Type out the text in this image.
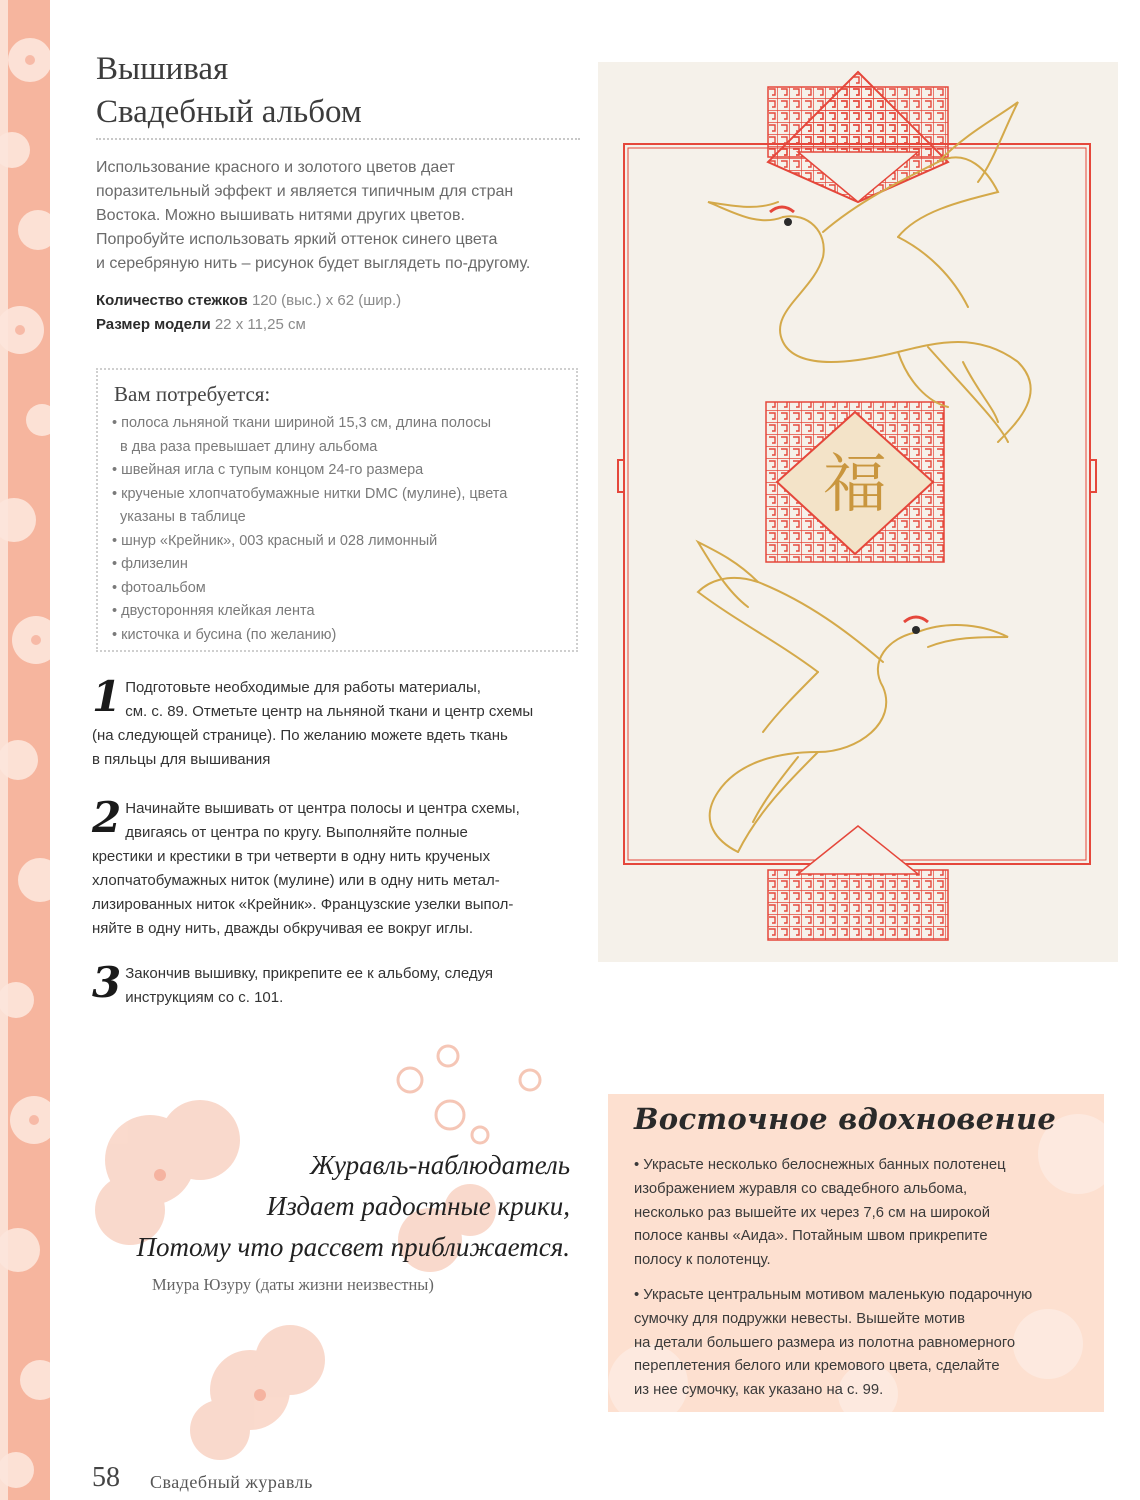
Вышивая
Свадебный альбом
Использование красного и золотого цветов дает
поразительный эффект и является типичным для стран
Востока. Можно вышивать нитями других цветов.
Попробуйте использовать яркий оттенок синего цвета
и серебряную нить – рисунок будет выглядеть по-другому.
Количество стежков 120 (выс.) х 62 (шир.)
Размер модели 22 х 11,25 см
Вам потребуется:
• полоса льняной ткани шириной 15,3 см, длина полосы
в два раза превышает длину альбома
• швейная игла с тупым концом 24-го размера
• крученые хлопчатобумажные нитки DMC (мулине), цвета
указаны в таблице
• шнур «Крейник», 003 красный и 028 лимонный
• флизелин
• фотоальбом
• двусторонняя клейкая лента
• кисточка и бусина (по желанию)
1 Подготовьте необходимые для работы материалы,
см. с. 89. Отметьте центр на льняной ткани и центр схемы
(на следующей странице). По желанию можете вдеть ткань
в пяльцы для вышивания
2 Начинайте вышивать от центра полосы и центра схемы,
двигаясь от центра по кругу. Выполняйте полные
крестики и крестики в три четверти в одну нить крученых
хлопчатобумажных ниток (мулине) или в одну нить метал-
лизированных ниток «Крейник». Французские узелки выпол-
няйте в одну нить, дважды обкручивая ее вокруг иглы.
3 Закончив вышивку, прикрепите ее к альбому, следуя
инструкциям со с. 101.
福
Журавль-наблюдатель
Издает радостные крики,
Потому что рассвет приближается.
Миура Юзуру (даты жизни неизвестны)
Восточное вдохновение
• Украсьте несколько белоснежных банных полотенец
изображением журавля со свадебного альбома,
несколько раз вышейте их через 7,6 см на широкой
полосе канвы «Аида». Потайным швом прикрепите
полосу к полотенцу.
• Украсьте центральным мотивом маленькую подарочную
сумочку для подружки невесты. Вышейте мотив
на детали большего размера из полотна равномерного
переплетения белого или кремового цвета, сделайте
из нее сумочку, как указано на с. 99.
58 Свадебный журавль
